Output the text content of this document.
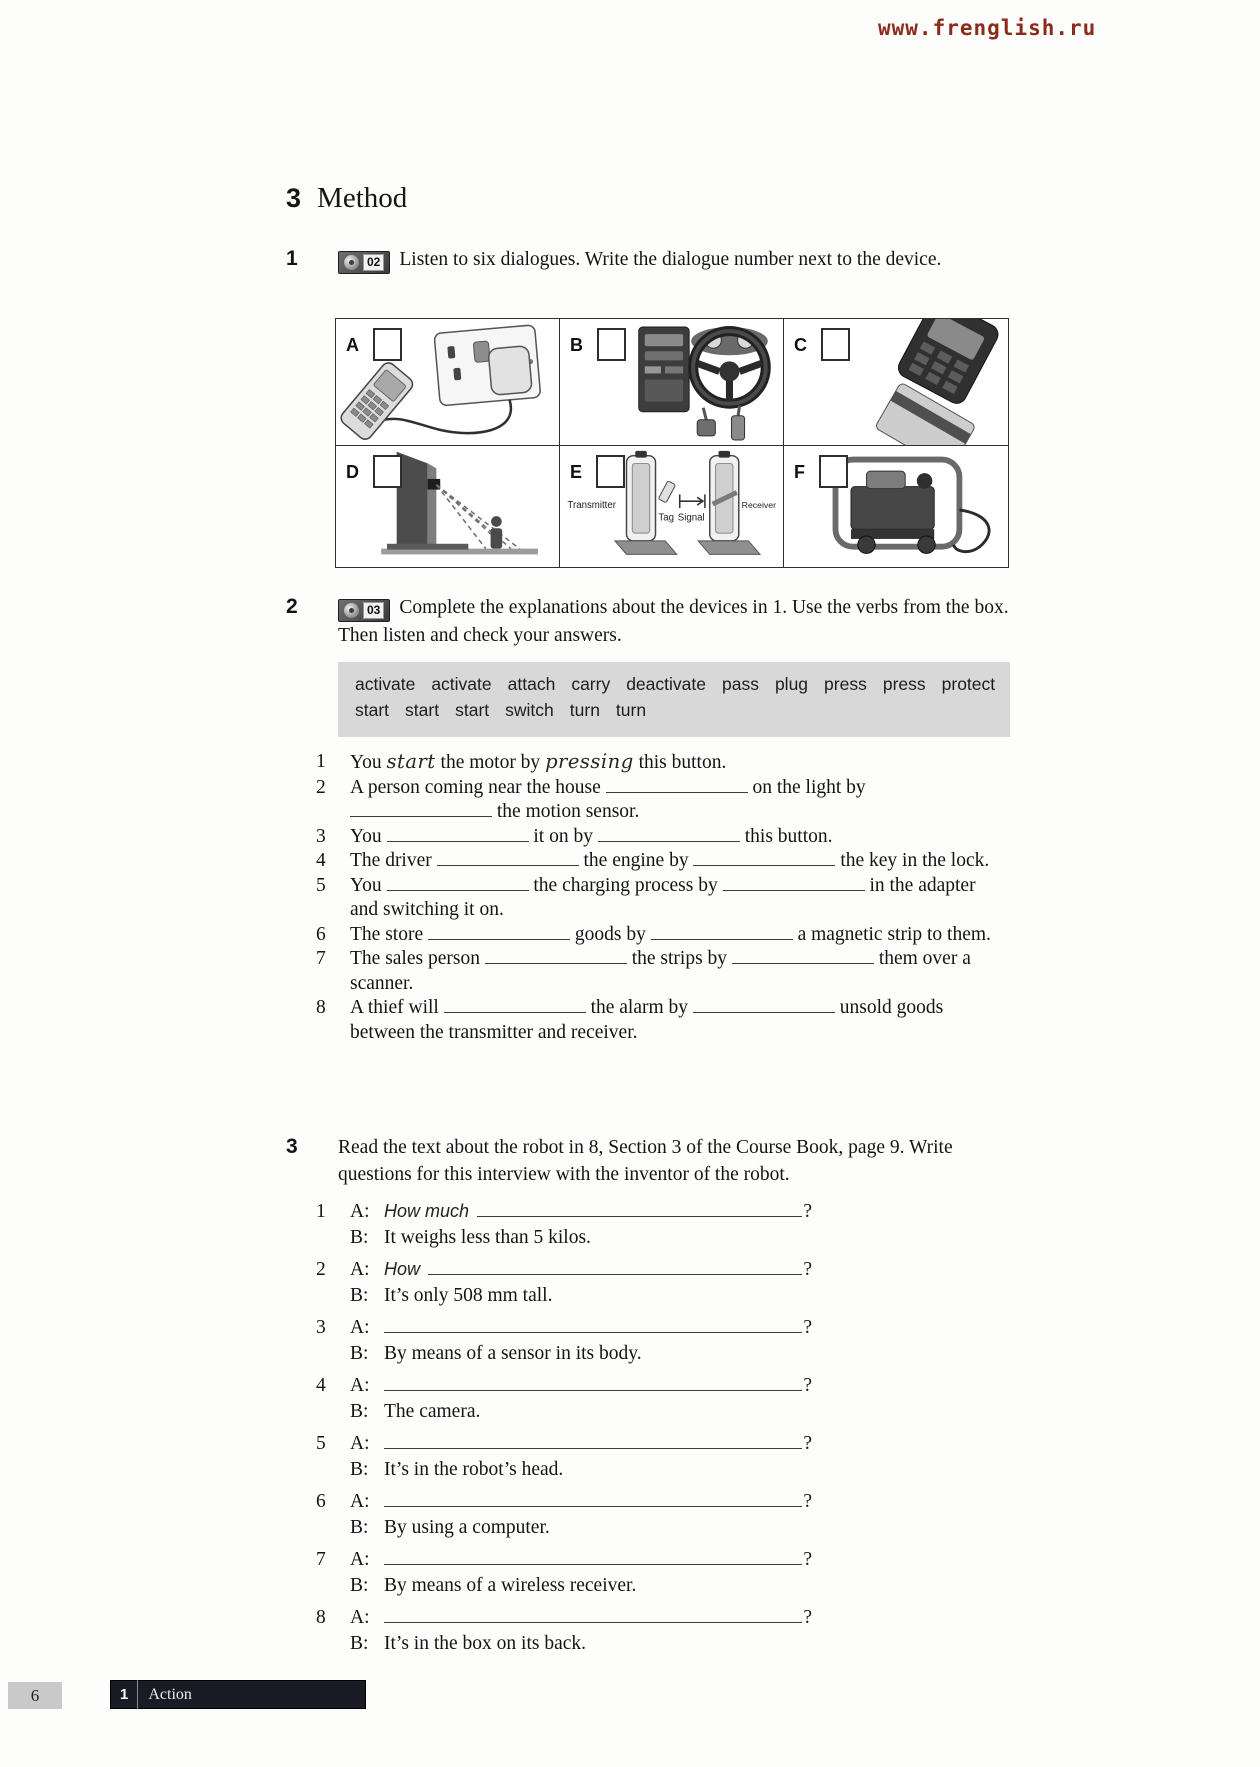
www.frenglish.ru
3 Method
1	02 Listen to six dialogues. Write the dialogue number next to the device.
A	B	C
D	E
Transmitter
Tag Signal
Receiver
F
2	03 Complete the explanations about the devices in 1. Use the verbs from the box. Then listen and check your answers.
activate activate attach carry deactivate pass plug press press protect
start start start switch turn turn
1	You start the motor by pressing this button.
2	A person coming near the house	on the light by  the motion sensor.
3	You	it on by	this button.
4	The driver	the engine by	the key in the lock.
5	You	the charging process by	in the adapter and switching it on.
6	The store	goods by	a magnetic strip to them.
7	The sales person	the strips by	them over a scanner.
8	A thief will	the alarm by	unsold goods between the transmitter and receiver.
3	Read the text about the robot in 8, Section 3 of the Course Book, page 9. Write questions for this interview with the inventor of the robot.
1	A: How much	?
B: It weighs less than 5 kilos.
2	A: How	?
B: It’s only 508 mm tall.
3	A:	?
B: By means of a sensor in its body.
4	A:	?
B: The camera.
5	A:	?
B: It’s in the robot’s head.
6	A:	?
B: By using a computer.
7	A:	?
B: By means of a wireless receiver.
8	A:	?
B: It’s in the box on its back.
6	1	Action
